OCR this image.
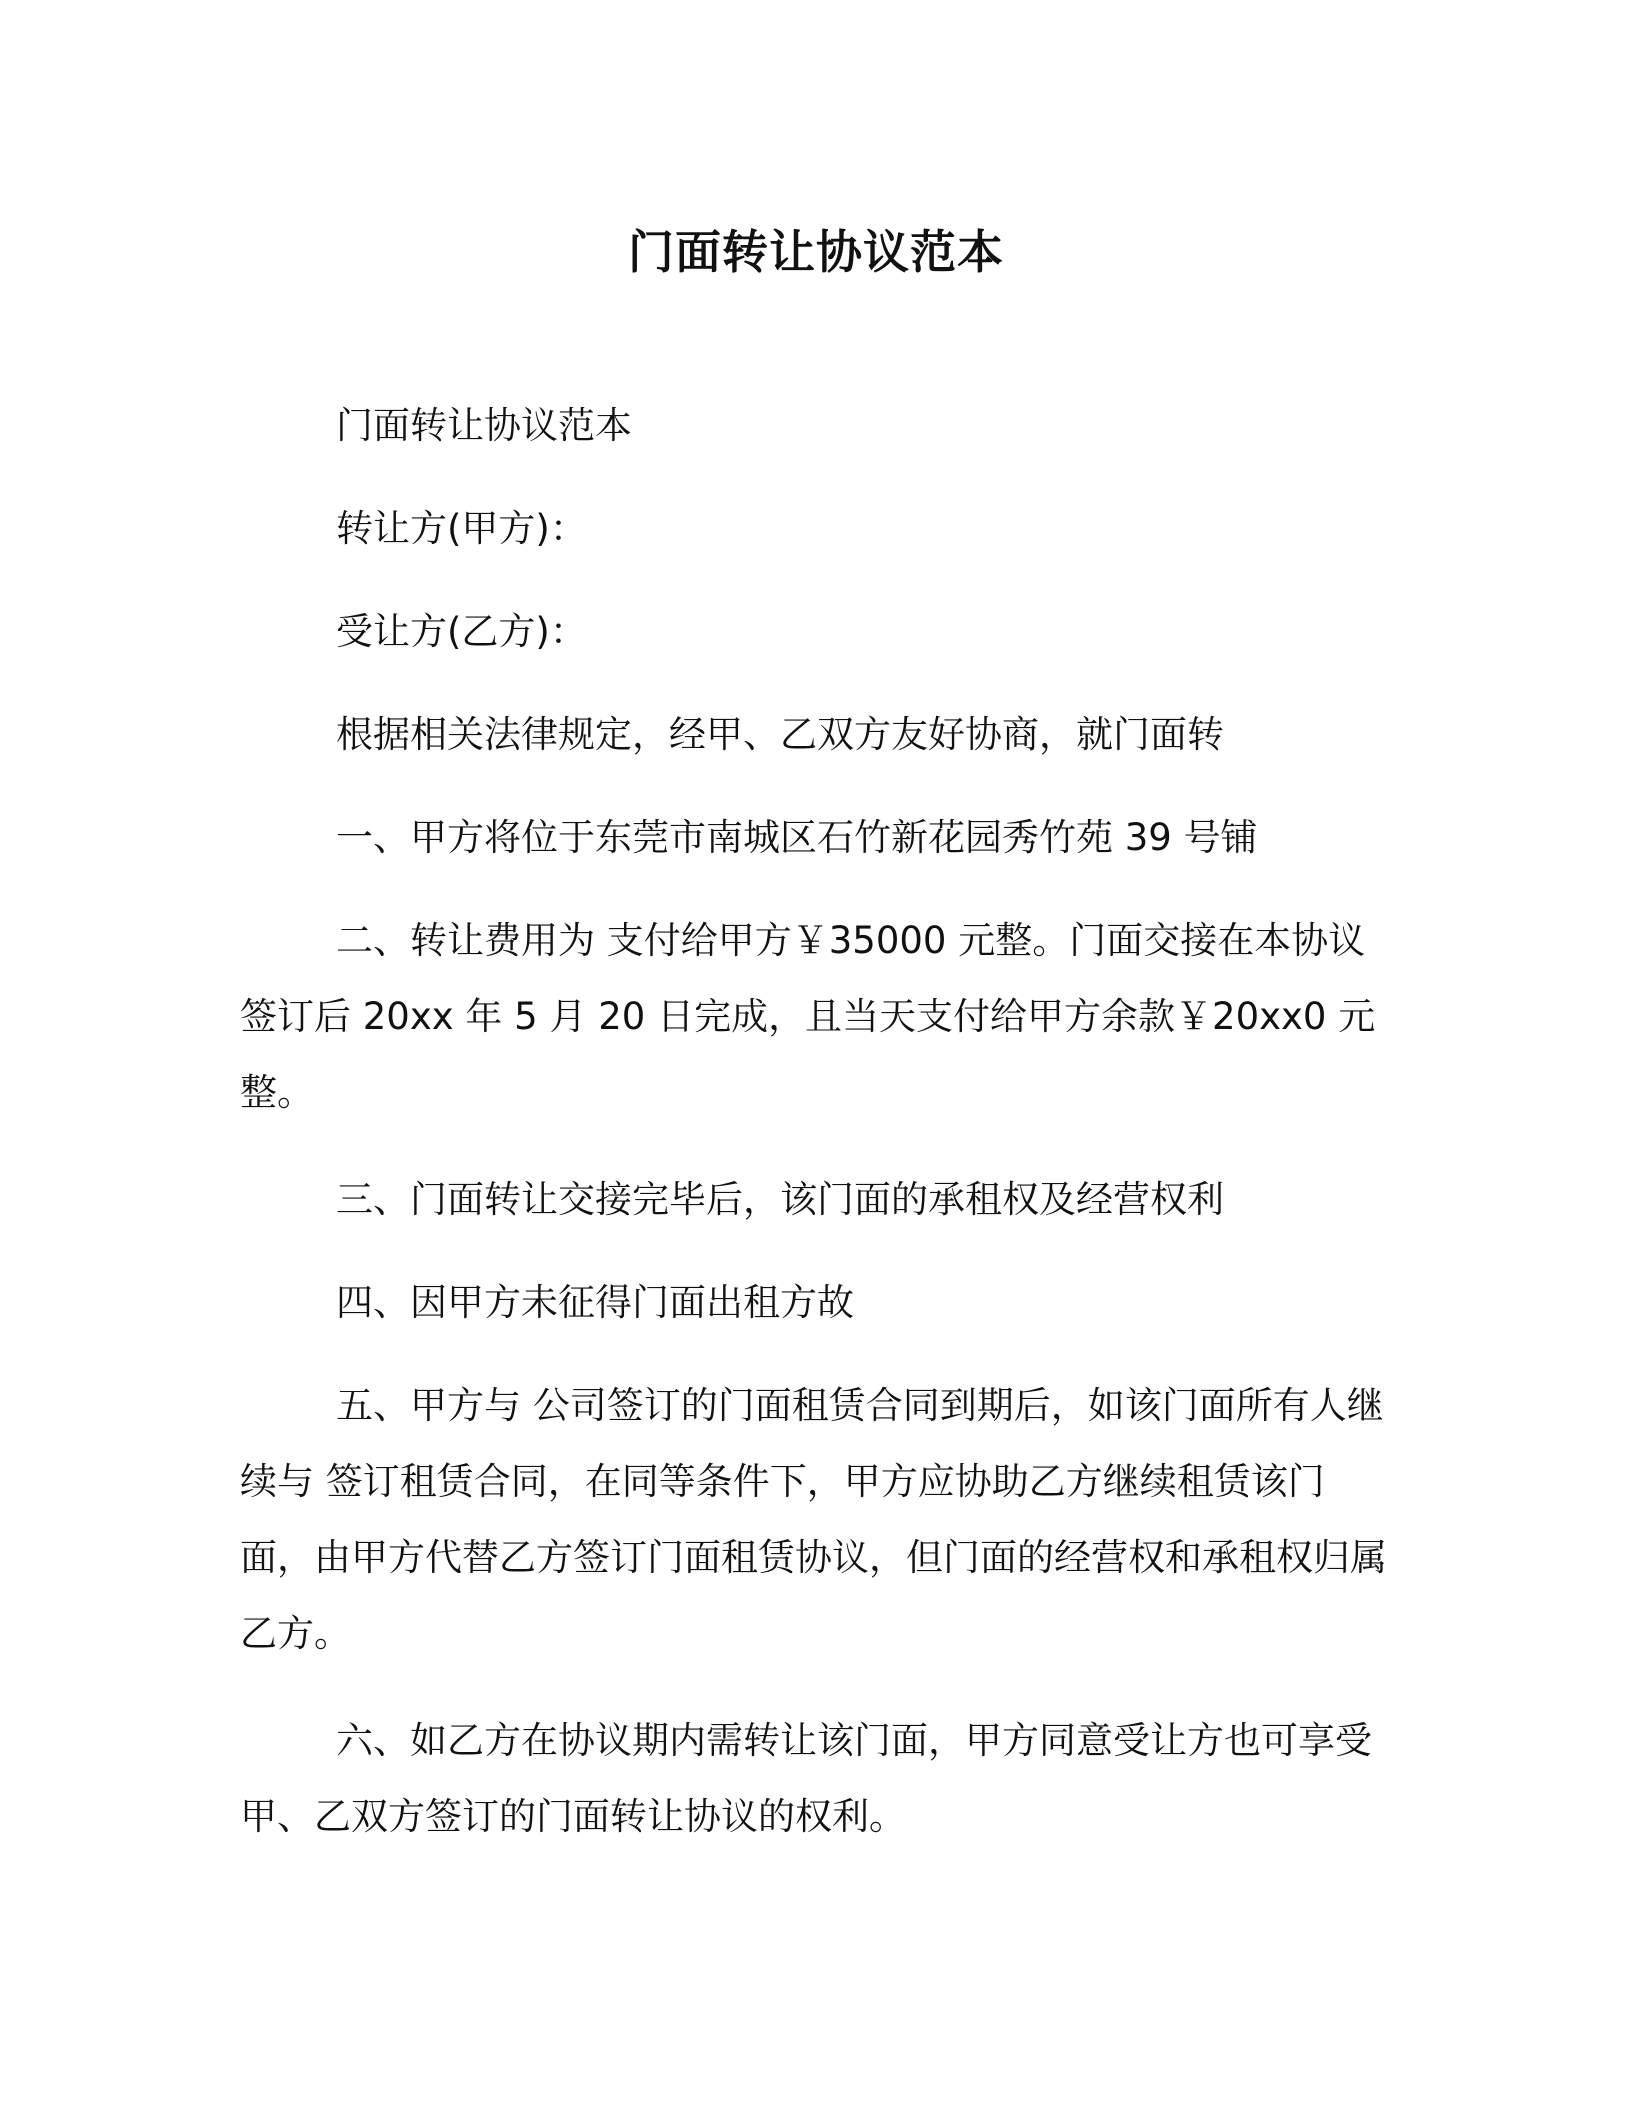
门面转让协议范本

门面转让协议范本

转让方(甲方)：

受让方(乙方)：

根据相关法律规定，经甲、乙双方友好协商，就门面转

一、甲方将位于东莞市南城区石竹新花园秀竹苑 39 号铺

二、转让费用为 支付给甲方￥35000 元整。门面交接在本协议签订后 20xx 年 5 月 20 日完成，且当天支付给甲方余款￥20xx0 元整。

三、门面转让交接完毕后，该门面的承租权及经营权利

四、因甲方未征得门面出租方故

五、甲方与 公司签订的门面租赁合同到期后，如该门面所有人继续与 签订租赁合同，在同等条件下，甲方应协助乙方继续租赁该门面，由甲方代替乙方签订门面租赁协议，但门面的经营权和承租权归属乙方。

六、如乙方在协议期内需转让该门面，甲方同意受让方也可享受甲、乙双方签订的门面转让协议的权利。
